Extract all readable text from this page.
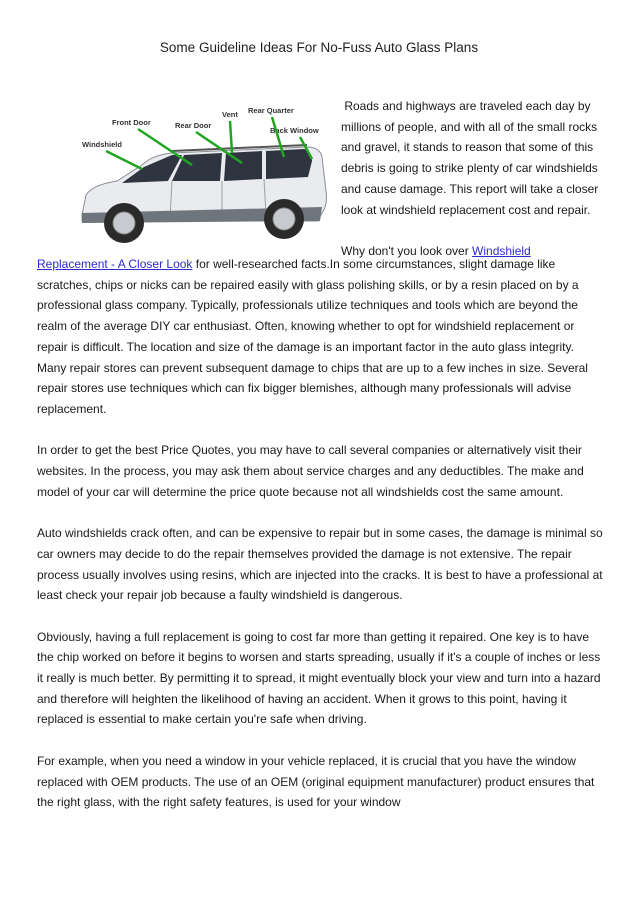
Some Guideline Ideas For No-Fuss Auto Glass Plans
Windshield
Front Door	Rear Door
Vent Rear Quarter
Back Window

Roads and highways are traveled each day by millions of people, and with all of the small rocks and gravel, it stands to reason that some of this debris is going to strike plenty of car windshields and cause damage. This report will take a closer look at windshield replacement cost and repair.

Why don't you look over Windshield

Replacement - A Closer Look for well-researched facts.In some circumstances, slight damage like scratches, chips or nicks can be repaired easily with glass polishing skills, or by a resin placed on by a professional glass company. Typically, professionals utilize techniques and tools which are beyond the realm of the average DIY car enthusiast. Often, knowing whether to opt for windshield replacement or repair is difficult. The location and size of the damage is an important factor in the auto glass integrity. Many repair stores can prevent subsequent damage to chips that are up to a few inches in size. Several repair stores use techniques which can fix bigger blemishes, although many professionals will advise replacement.

In order to get the best Price Quotes, you may have to call several companies or alternatively visit their websites. In the process, you may ask them about service charges and any deductibles. The make and model of your car will determine the price quote because not all windshields cost the same amount.

Auto windshields crack often, and can be expensive to repair but in some cases, the damage is minimal so car owners may decide to do the repair themselves provided the damage is not extensive. The repair process usually involves using resins, which are injected into the cracks. It is best to have a professional at least check your repair job because a faulty windshield is dangerous.

Obviously, having a full replacement is going to cost far more than getting it repaired. One key is to have the chip worked on before it begins to worsen and starts spreading, usually if it's a couple of inches or less it really is much better. By permitting it to spread, it might eventually block your view and turn into a hazard and therefore will heighten the likelihood of having an accident. When it grows to this point, having it replaced is essential to make certain you're safe when driving.

For example, when you need a window in your vehicle replaced, it is crucial that you have the window replaced with OEM products. The use of an OEM (original equipment manufacturer) product ensures that the right glass, with the right safety features, is used for your window
